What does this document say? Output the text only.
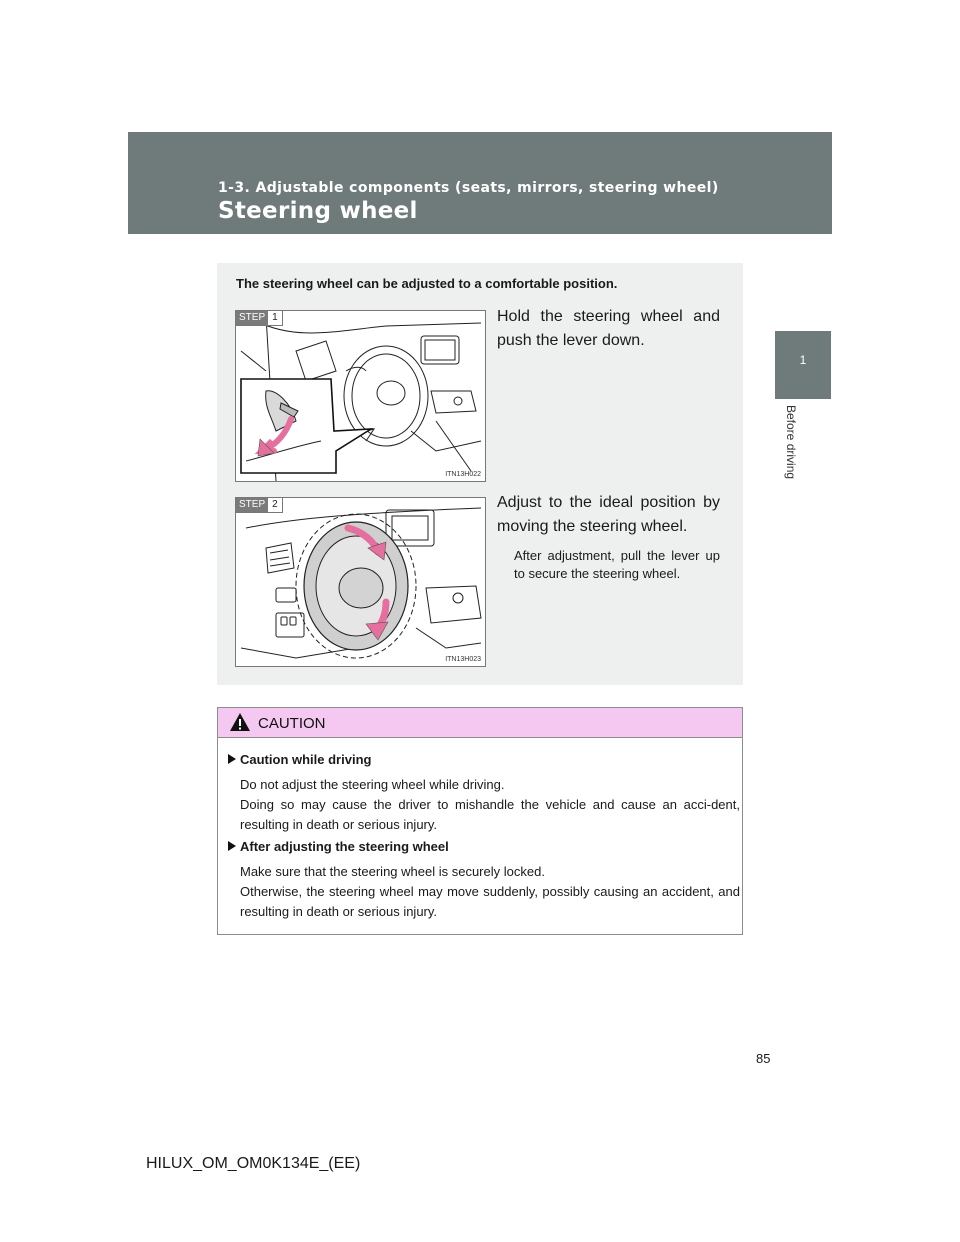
1-3. Adjustable components (seats, mirrors, steering wheel)
Steering wheel
1
Before driving
The steering wheel can be adjusted to a comfortable position.
STEP 1
ITN13H022
Hold the steering wheel and push the lever down.
STEP 2
ITN13H023
Adjust to the ideal position by moving the steering wheel.
After adjustment, pull the lever up to secure the steering wheel.
CAUTION
Caution while driving
Do not adjust the steering wheel while driving.
Doing so may cause the driver to mishandle the vehicle and cause an acci-dent, resulting in death or serious injury.
After adjusting the steering wheel
Make sure that the steering wheel is securely locked.
Otherwise, the steering wheel may move suddenly, possibly causing an accident, and resulting in death or serious injury.
85
HILUX_OM_OM0K134E_(EE)
